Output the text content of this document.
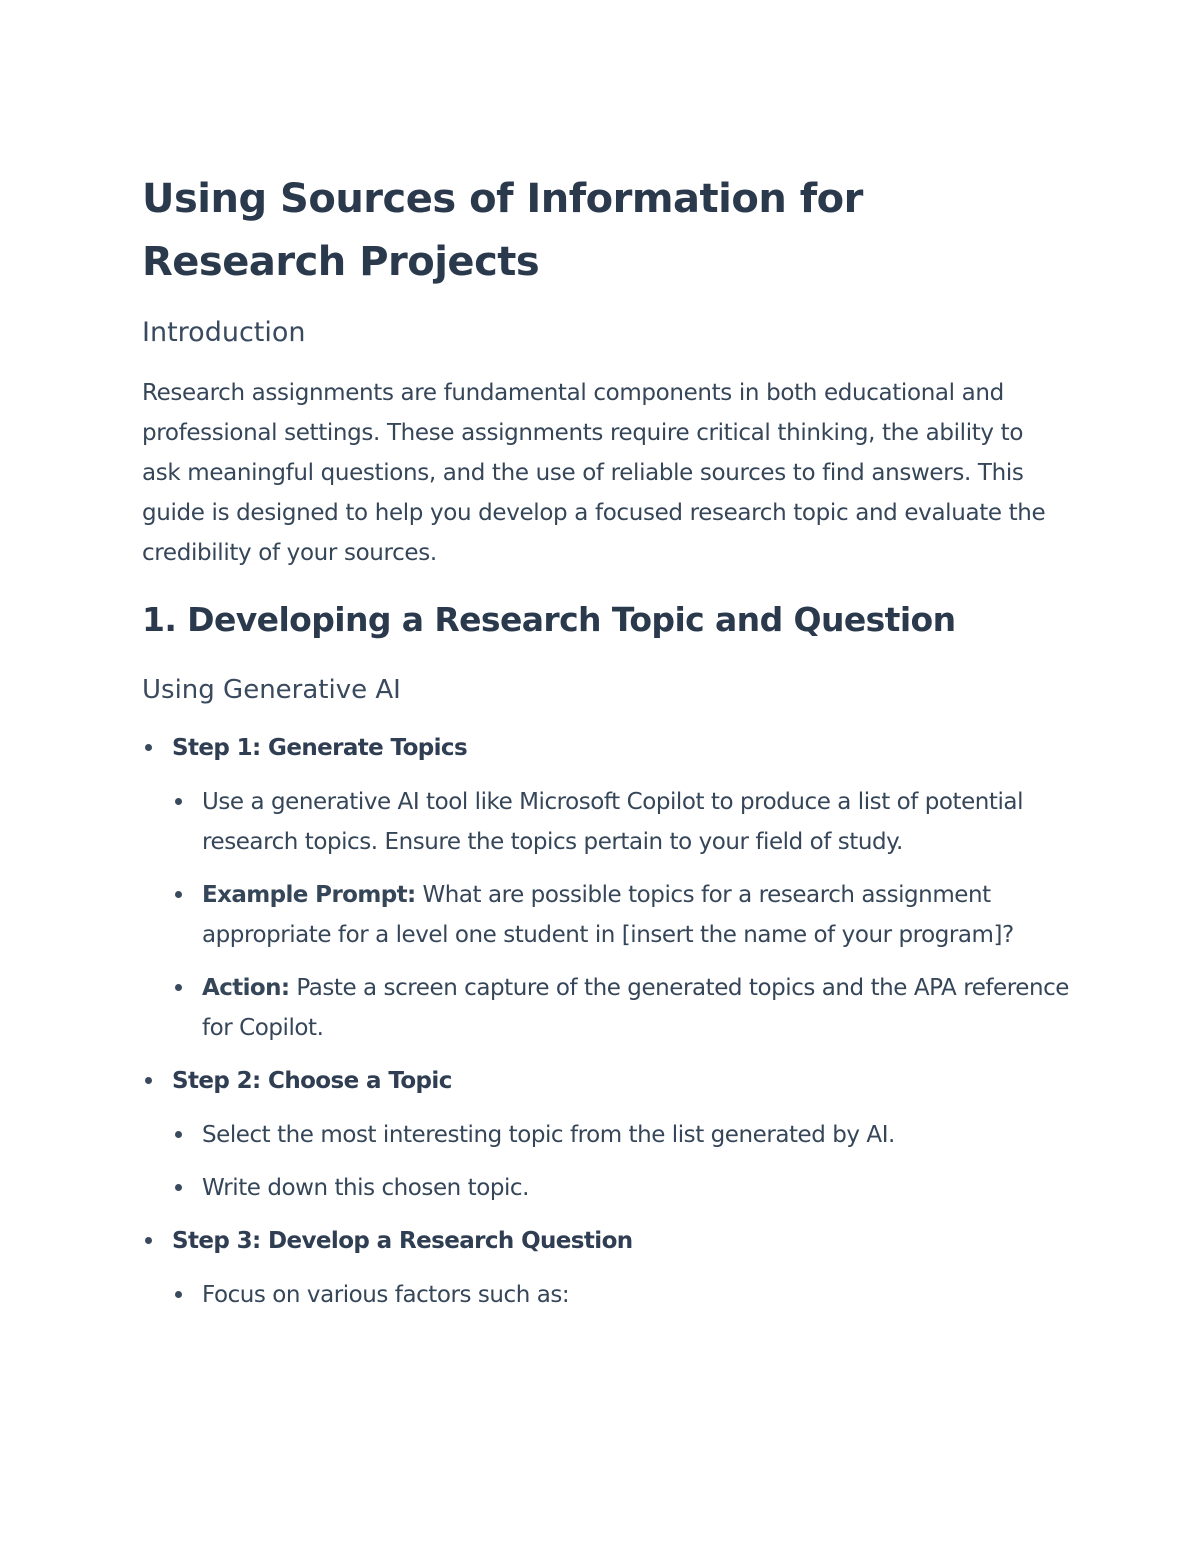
Using Sources of Information for Research Projects
Introduction

Research assignments are fundamental components in both educational and professional settings. These assignments require critical thinking, the ability to ask meaningful questions, and the use of reliable sources to find answers. This guide is designed to help you develop a focused research topic and evaluate the credibility of your sources.

1. Developing a Research Topic and Question
Using Generative AI
Step 1: Generate Topics
Use a generative AI tool like Microsoft Copilot to produce a list of potential research topics. Ensure the topics pertain to your field of study.
Example Prompt: What are possible topics for a research assignment appropriate for a level one student in [insert the name of your program]?
Action: Paste a screen capture of the generated topics and the APA reference for Copilot.
Step 2: Choose a Topic
Select the most interesting topic from the list generated by AI.
Write down this chosen topic.
Step 3: Develop a Research Question
Focus on various factors such as:
